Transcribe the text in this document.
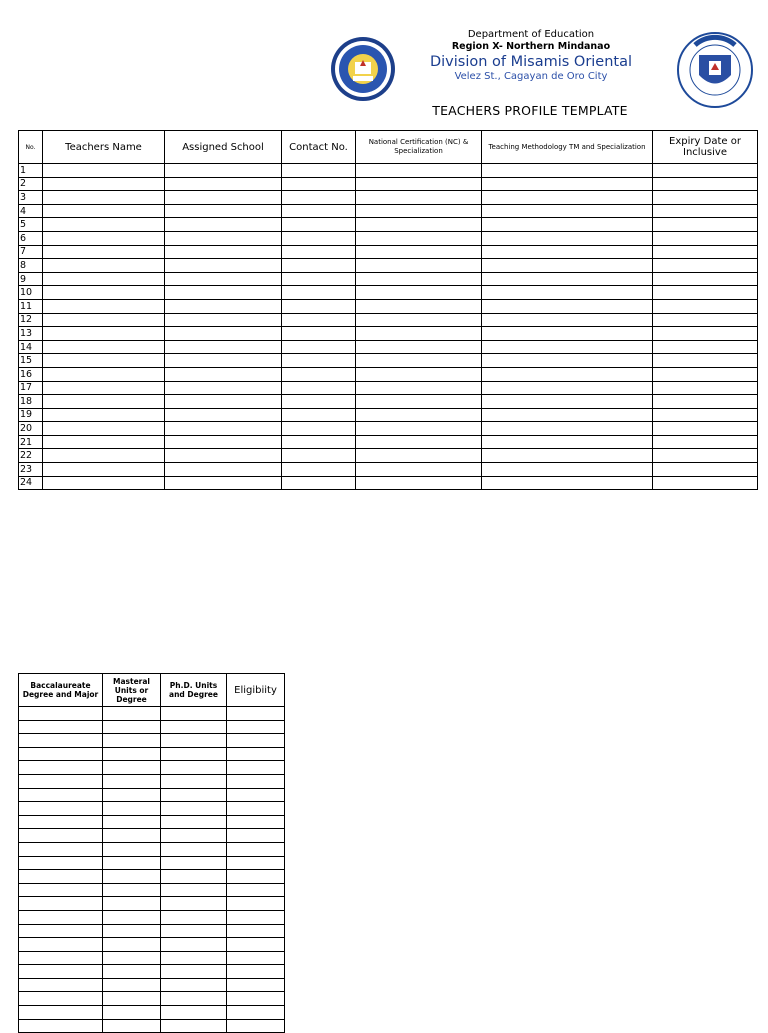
Department of Education
Region X- Northern Mindanao
Division of Misamis Oriental
Velez St., Cagayan de Oro City
TEACHERS PROFILE TEMPLATE
No.	Teachers Name	Assigned School	Contact No.	National Certification (NC) & Specialization	Teaching Methodology TM and Specialization	Expiry Date or Inclusive
1						
2						
3						
4						
5						
6						
7						
8						
9						
10						
11						
12						
13						
14						
15						
16						
17						
18						
19						
20						
21						
22						
23						
24						
Baccalaureate Degree and Major	Masteral Units or Degree	Ph.D. Units and Degree	Eligibiity
